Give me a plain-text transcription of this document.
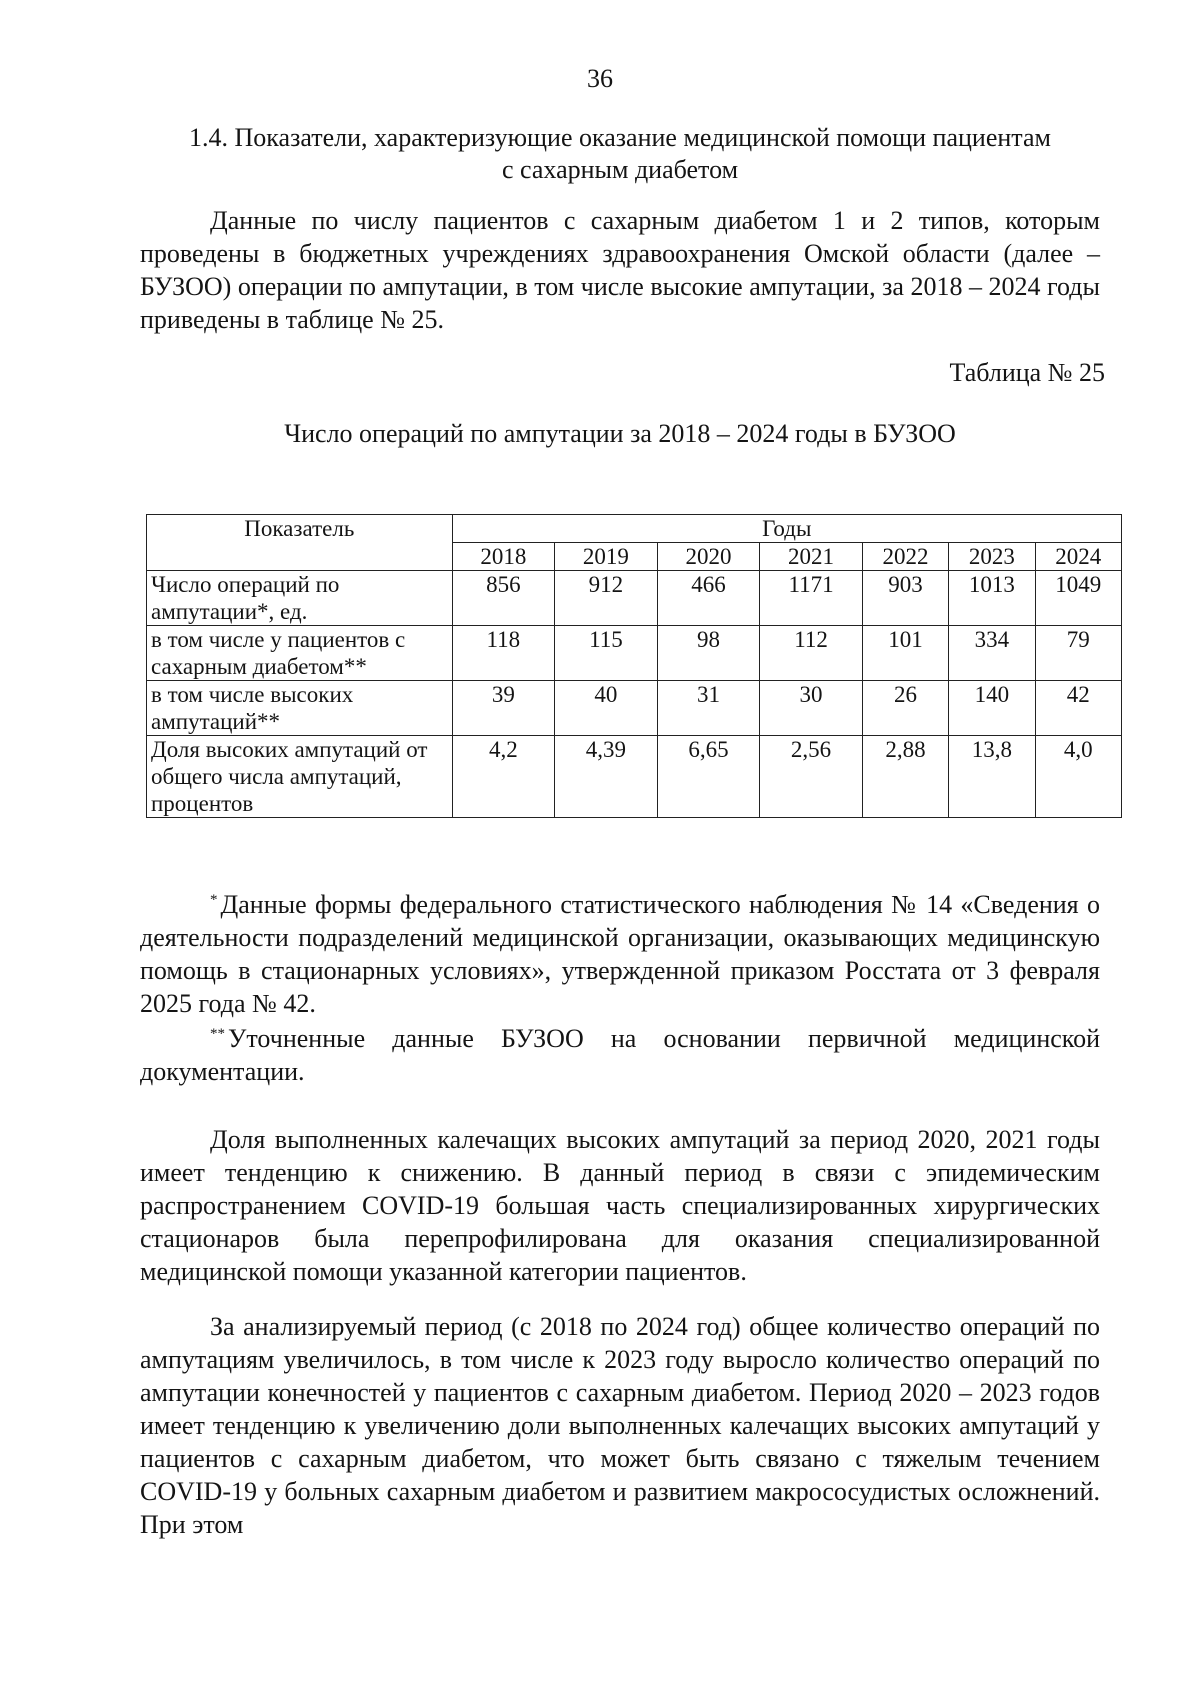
36
1.4. Показатели, характеризующие оказание медицинской помощи пациентам
с сахарным диабетом

Данные по числу пациентов с сахарным диабетом 1 и 2 типов, которым проведены в бюджетных учреждениях здравоохранения Омской области (далее – БУЗОО) операции по ампутации, в том числе высокие ампутации, за 2018 – 2024 годы приведены в таблице № 25.

Таблица № 25
Число операций по ампутации за 2018 – 2024 годы в БУЗОО
Показатель	Годы						
	2018	2019	2020	2021	2022	2023	2024
Число операций по ампутации*, ед.	856	912	466	1171	903	1013	1049
в том числе у пациентов с сахарным диабетом**	118	115	98	112	101	334	79
в том числе высоких ампутаций**	39	40	31	30	26	140	42
Доля высоких ампутаций от общего числа ампутаций, процентов	4,2	4,39	6,65	2,56	2,88	13,8	4,0

* Данные формы федерального статистического наблюдения № 14 «Сведения о деятельности подразделений медицинской организации, оказывающих медицинскую помощь в стационарных условиях», утвержденной приказом Росстата от 3 февраля 2025 года № 42.

** Уточненные данные БУЗОО на основании первичной медицинской документации.

Доля выполненных калечащих высоких ампутаций за период 2020, 2021 годы имеет тенденцию к снижению. В данный период в связи с эпидемическим распространением COVID-19 большая часть специализированных хирургических стационаров была перепрофилирована для оказания специализированной медицинской помощи указанной категории пациентов.

За анализируемый период (с 2018 по 2024 год) общее количество операций по ампутациям увеличилось, в том числе к 2023 году выросло количество операций по ампутации конечностей у пациентов с сахарным диабетом. Период 2020 – 2023 годов имеет тенденцию к увеличению доли выполненных калечащих высоких ампутаций у пациентов с сахарным диабетом, что может быть связано с тяжелым течением COVID-19 у больных сахарным диабетом и развитием макрососудистых осложнений. При этом
